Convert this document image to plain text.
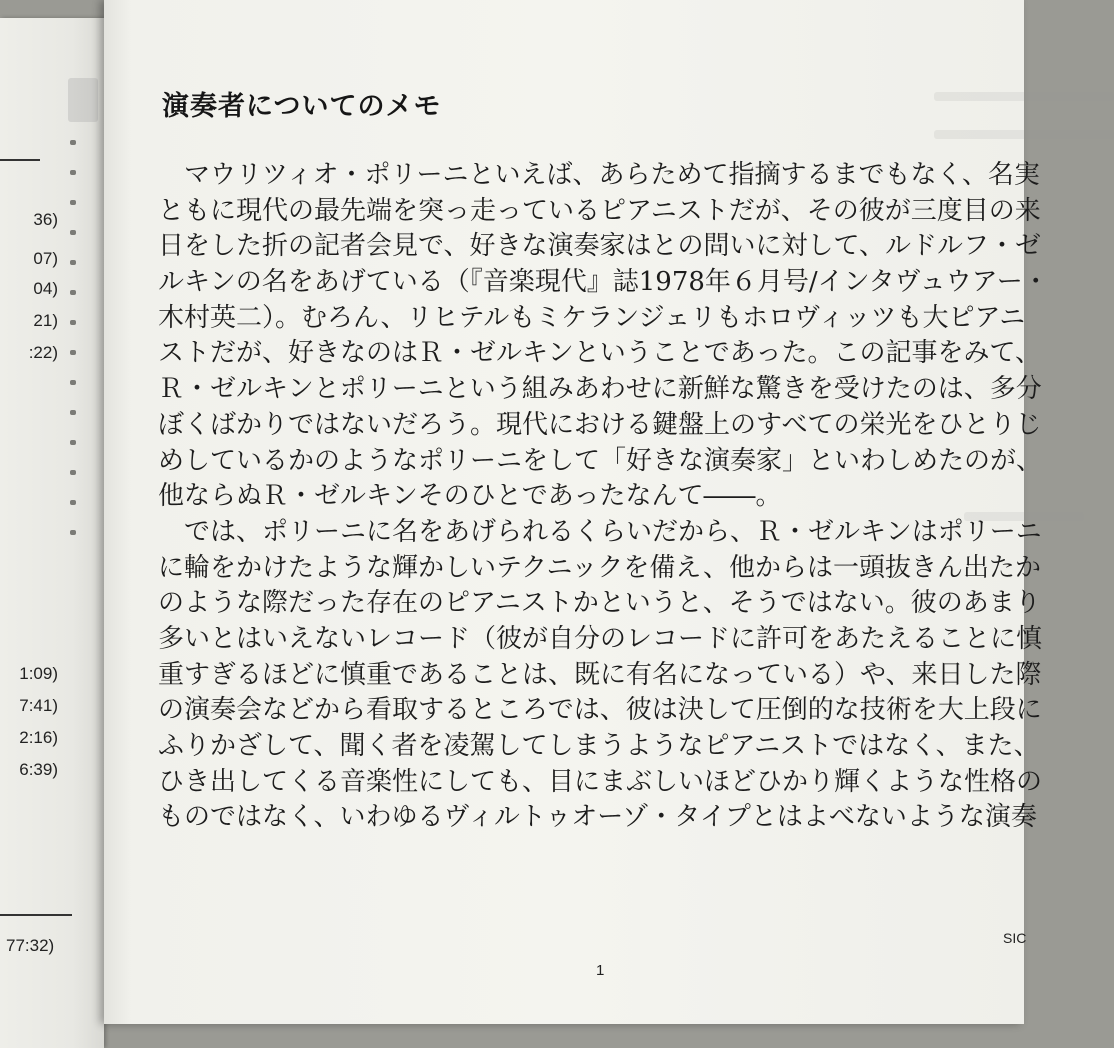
36)
07)
04)
21)
:22)
1:09)
7:41)
2:16)
6:39)
77:32)
演奏者についてのメモ
　マウリツィオ・ポリーニといえば、あらためて指摘するまでもなく、名実
ともに現代の最先端を突っ走っているピアニストだが、その彼が三度目の来
日をした折の記者会見で、好きな演奏家はとの問いに対して、ルドルフ・ゼ
ルキンの名をあげている（『音楽現代』誌1978年６月号/インタヴュウアー・
木村英二）。むろん、リヒテルもミケランジェリもホロヴィッツも大ピアニ
ストだが、好きなのはＲ・ゼルキンということであった。この記事をみて、
Ｒ・ゼルキンとポリーニという組みあわせに新鮮な驚きを受けたのは、多分
ぼくばかりではないだろう。現代における鍵盤上のすべての栄光をひとりじ
めしているかのようなポリーニをして「好きな演奏家」といわしめたのが、
他ならぬＲ・ゼルキンそのひとであったなんて――。
　では、ポリーニに名をあげられるくらいだから、Ｒ・ゼルキンはポリーニ
に輪をかけたような輝かしいテクニックを備え、他からは一頭抜きん出たか
のような際だった存在のピアニストかというと、そうではない。彼のあまり
多いとはいえないレコード（彼が自分のレコードに許可をあたえることに慎
重すぎるほどに慎重であることは、既に有名になっている）や、来日した際
の演奏会などから看取するところでは、彼は決して圧倒的な技術を大上段に
ふりかざして、聞く者を凌駕してしまうようなピアニストではなく、また、
ひき出してくる音楽性にしても、目にまぶしいほどひかり輝くような性格の
ものではなく、いわゆるヴィルトゥオーゾ・タイプとはよべないような演奏
1
SIC
